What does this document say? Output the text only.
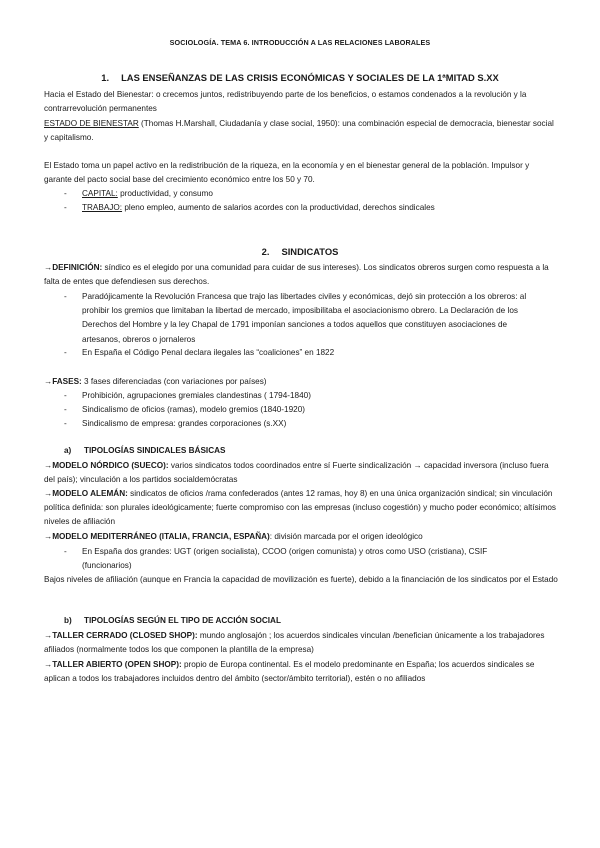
SOCIOLOGÍA. TEMA 6. INTRODUCCIÓN A LAS RELACIONES LABORALES
1. LAS ENSEÑANZAS DE LAS CRISIS ECONÓMICAS Y SOCIALES DE LA 1ªMITAD S.XX
Hacia el Estado del Bienestar: o crecemos juntos, redistribuyendo parte de los beneficios, o estamos condenados a la revolución y la contrarrevolución permanentes
ESTADO DE BIENESTAR (Thomas H.Marshall, Ciudadanía y clase social, 1950): una combinación especial de democracia, bienestar social y capitalismo.
El Estado toma un papel activo en la redistribución de la riqueza, en la economía y en el bienestar general de la población. Impulsor y garante del pacto social base del crecimiento económico entre los 50 y 70.
-	CAPITAL: productividad, y consumo
-	TRABAJO: pleno empleo, aumento de salarios acordes con la productividad, derechos sindicales
2. SINDICATOS
→DEFINICIÓN: síndico es el elegido por una comunidad para cuidar de sus intereses). Los sindicatos obreros surgen como respuesta a la falta de entes que defendiesen sus derechos.
-	Paradójicamente la Revolución Francesa que trajo las libertades civiles y económicas, dejó sin protección a los obreros: al prohibir los gremios que limitaban la libertad de mercado, imposibilitaba el asociacionismo obrero. La Declaración de los Derechos del Hombre y la ley Chapal de 1791 imponían sanciones a todos aquellos que constituyen asociaciones de artesanos, obreros o jornaleros
-	En España el Código Penal declara ilegales las “coaliciones” en 1822
→FASES: 3 fases diferenciadas (con variaciones por países)
-	Prohibición, agrupaciones gremiales clandestinas ( 1794-1840)
-	Sindicalismo de oficios (ramas), modelo gremios (1840-1920)
-	Sindicalismo de empresa: grandes corporaciones (s.XX)
a) TIPOLOGÍAS SINDICALES BÁSICAS
→MODELO NÓRDICO (SUECO): varios sindicatos todos coordinados entre sí Fuerte sindicalización → capacidad inversora (incluso fuera del país); vinculación a los partidos socialdemócratas
→MODELO ALEMÁN: sindicatos de oficios /rama confederados (antes 12 ramas, hoy 8) en una única organización sindical; sin vinculación política definida: son plurales ideológicamente; fuerte compromiso con las empresas (incluso cogestión) y mucho poder económico; altísimos niveles de afiliación
→MODELO MEDITERRÁNEO (ITALIA, FRANCIA, ESPAÑA): división marcada por el origen ideológico
-	En España dos grandes: UGT (origen socialista), CCOO (origen comunista) y otros como USO (cristiana), CSIF (funcionarios)
Bajos niveles de afiliación (aunque en Francia la capacidad de movilización es fuerte), debido a la financiación de los sindicatos por el Estado
b) TIPOLOGÍAS SEGÚN EL TIPO DE ACCIÓN SOCIAL
→TALLER CERRADO (CLOSED SHOP): mundo anglosajón ; los acuerdos sindicales vinculan /benefician únicamente a los trabajadores afiliados (normalmente todos los que componen la plantilla de la empresa)
→TALLER ABIERTO (OPEN SHOP): propio de Europa continental. Es el modelo predominante en España; los acuerdos sindicales se aplican a todos los trabajadores incluidos dentro del ámbito (sector/ámbito territorial), estén o no afiliados
